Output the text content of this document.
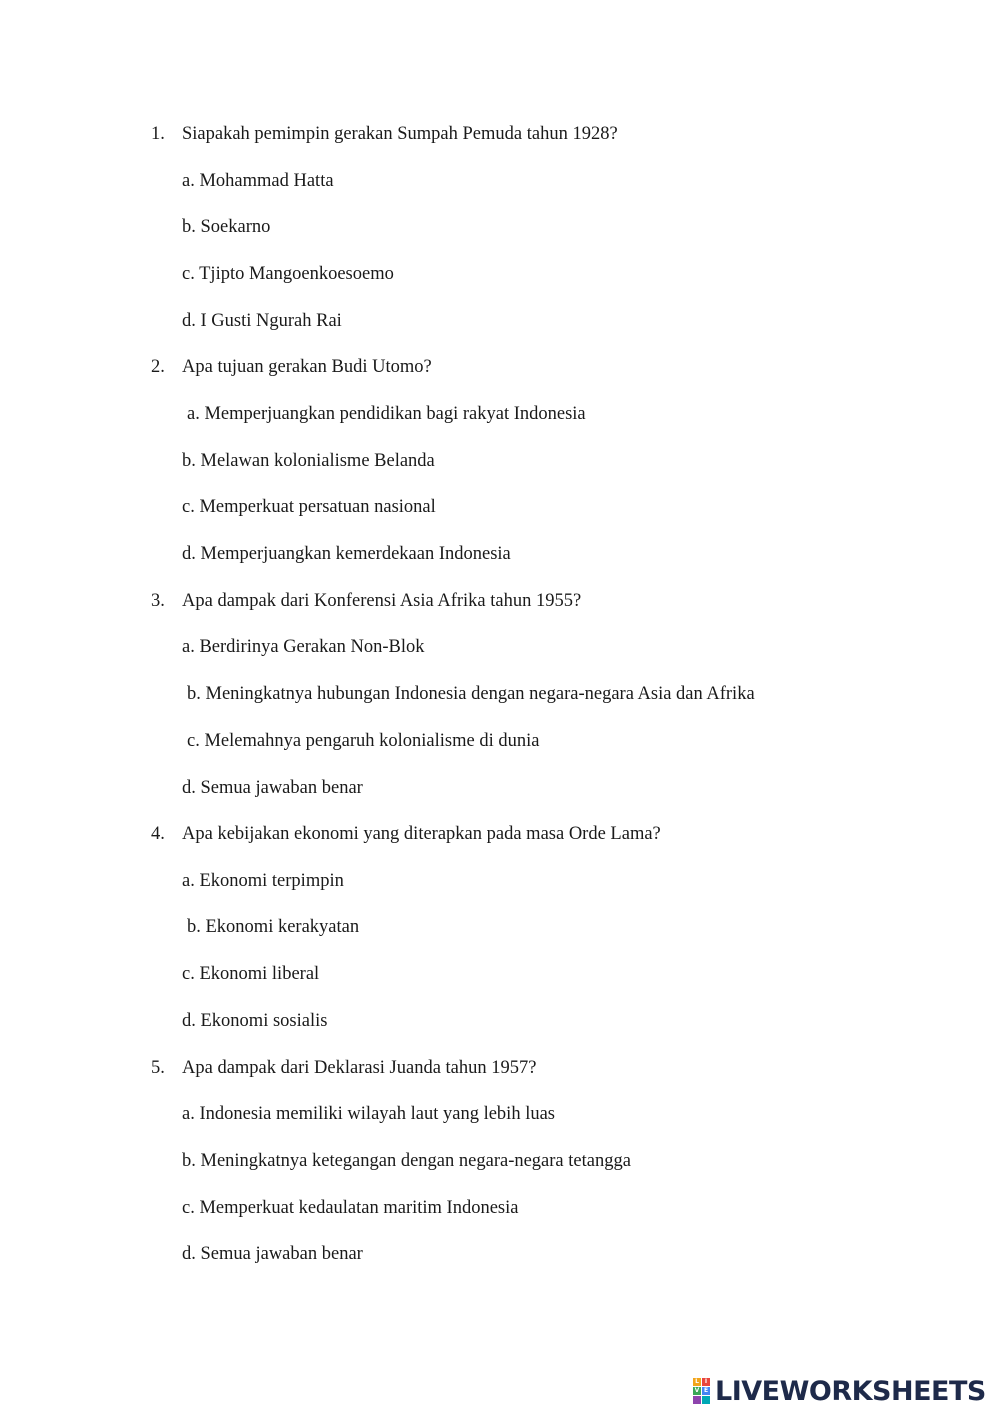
1. Siapakah pemimpin gerakan Sumpah Pemuda tahun 1928?
a. Mohammad Hatta
b. Soekarno
c. Tjipto Mangoenkoesoemo
d. I Gusti Ngurah Rai
2. Apa tujuan gerakan Budi Utomo?
a. Memperjuangkan pendidikan bagi rakyat Indonesia
b. Melawan kolonialisme Belanda
c. Memperkuat persatuan nasional
d. Memperjuangkan kemerdekaan Indonesia
3. Apa dampak dari Konferensi Asia Afrika tahun 1955?
a. Berdirinya Gerakan Non-Blok
b. Meningkatnya hubungan Indonesia dengan negara-negara Asia dan Afrika
c. Melemahnya pengaruh kolonialisme di dunia
d. Semua jawaban benar
4. Apa kebijakan ekonomi yang diterapkan pada masa Orde Lama?
a. Ekonomi terpimpin
b. Ekonomi kerakyatan
c. Ekonomi liberal
d. Ekonomi sosialis
5. Apa dampak dari Deklarasi Juanda tahun 1957?
a. Indonesia memiliki wilayah laut yang lebih luas
b. Meningkatnya ketegangan dengan negara-negara tetangga
c. Memperkuat kedaulatan maritim Indonesia
d. Semua jawaban benar
L I
V E LIVEWORKSHEETS
